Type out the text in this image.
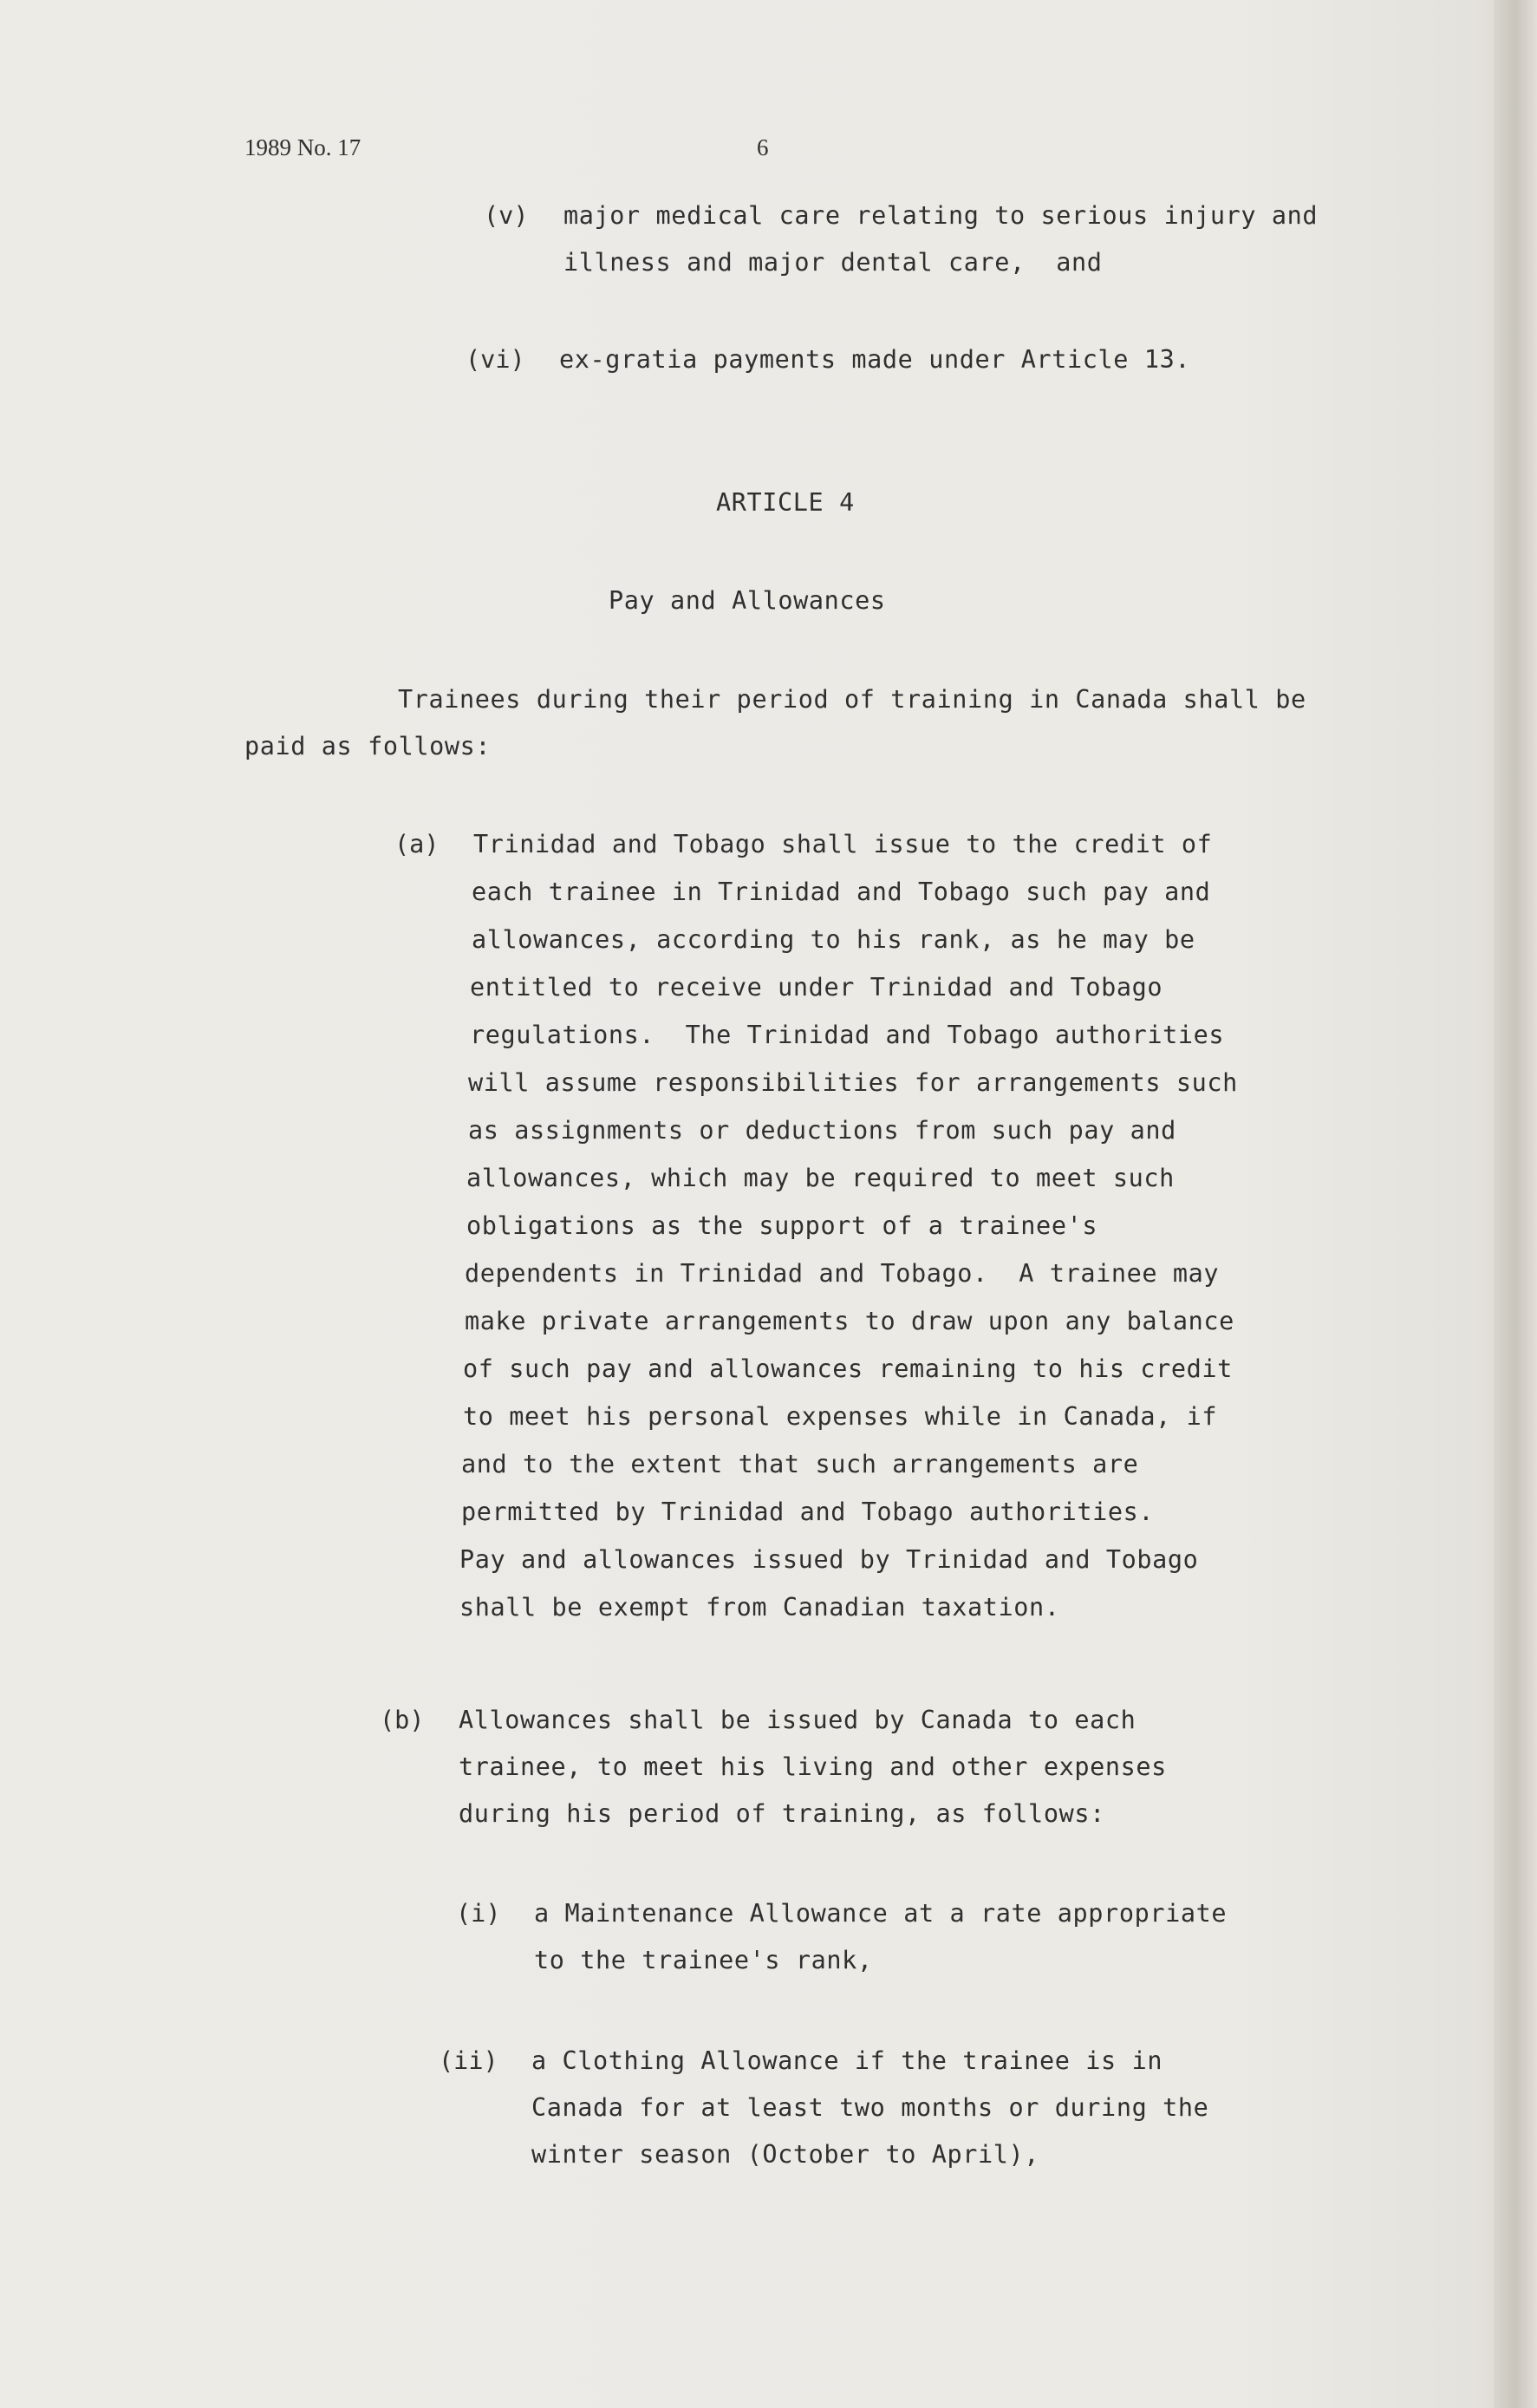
1989 No. 17	6
(v) major medical care relating to serious injury and
illness and major dental care,  and
(vi) ex-gratia payments made under Article 13.
ARTICLE 4
Pay and Allowances
Trainees during their period of training in Canada shall be
paid as follows:
(a) Trinidad and Tobago shall issue to the credit of
each trainee in Trinidad and Tobago such pay and
allowances, according to his rank, as he may be
entitled to receive under Trinidad and Tobago
regulations.  The Trinidad and Tobago authorities
will assume responsibilities for arrangements such
as assignments or deductions from such pay and
allowances, which may be required to meet such
obligations as the support of a trainee's
dependents in Trinidad and Tobago.  A trainee may
make private arrangements to draw upon any balance
of such pay and allowances remaining to his credit
to meet his personal expenses while in Canada, if
and to the extent that such arrangements are
permitted by Trinidad and Tobago authorities.
Pay and allowances issued by Trinidad and Tobago
shall be exempt from Canadian taxation.
(b) Allowances shall be issued by Canada to each
trainee, to meet his living and other expenses
during his period of training, as follows:
(i) a Maintenance Allowance at a rate appropriate
to the trainee's rank,
(ii) a Clothing Allowance if the trainee is in
Canada for at least two months or during the
winter season (October to April),
